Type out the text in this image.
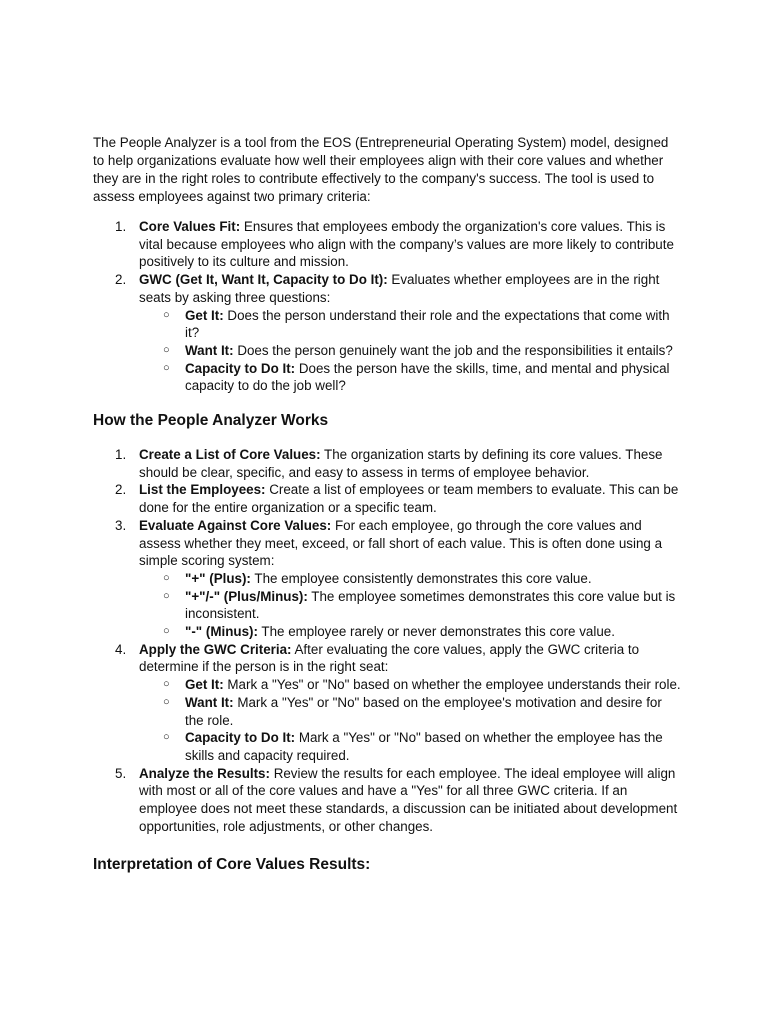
The People Analyzer is a tool from the EOS (Entrepreneurial Operating System) model, designed to help organizations evaluate how well their employees align with their core values and whether they are in the right roles to contribute effectively to the company's success. The tool is used to assess employees against two primary criteria:

1. Core Values Fit: Ensures that employees embody the organization's core values. This is vital because employees who align with the company’s values are more likely to contribute positively to its culture and mission.
2. GWC (Get It, Want It, Capacity to Do It): Evaluates whether employees are in the right seats by asking three questions:
○ Get It: Does the person understand their role and the expectations that come with it?
○ Want It: Does the person genuinely want the job and the responsibilities it entails?
○ Capacity to Do It: Does the person have the skills, time, and mental and physical capacity to do the job well?
How the People Analyzer Works
1. Create a List of Core Values: The organization starts by defining its core values. These should be clear, specific, and easy to assess in terms of employee behavior.
2. List the Employees: Create a list of employees or team members to evaluate. This can be done for the entire organization or a specific team.
3. Evaluate Against Core Values: For each employee, go through the core values and assess whether they meet, exceed, or fall short of each value. This is often done using a simple scoring system:
○ "+" (Plus): The employee consistently demonstrates this core value.
○ "+"/-" (Plus/Minus): The employee sometimes demonstrates this core value but is inconsistent.
○ "-" (Minus): The employee rarely or never demonstrates this core value.
4. Apply the GWC Criteria: After evaluating the core values, apply the GWC criteria to determine if the person is in the right seat:
○ Get It: Mark a "Yes" or "No" based on whether the employee understands their role.
○ Want It: Mark a "Yes" or "No" based on the employee's motivation and desire for the role.
○ Capacity to Do It: Mark a "Yes" or "No" based on whether the employee has the skills and capacity required.
5. Analyze the Results: Review the results for each employee. The ideal employee will align with most or all of the core values and have a "Yes" for all three GWC criteria. If an employee does not meet these standards, a discussion can be initiated about development opportunities, role adjustments, or other changes.
Interpretation of Core Values Results:
